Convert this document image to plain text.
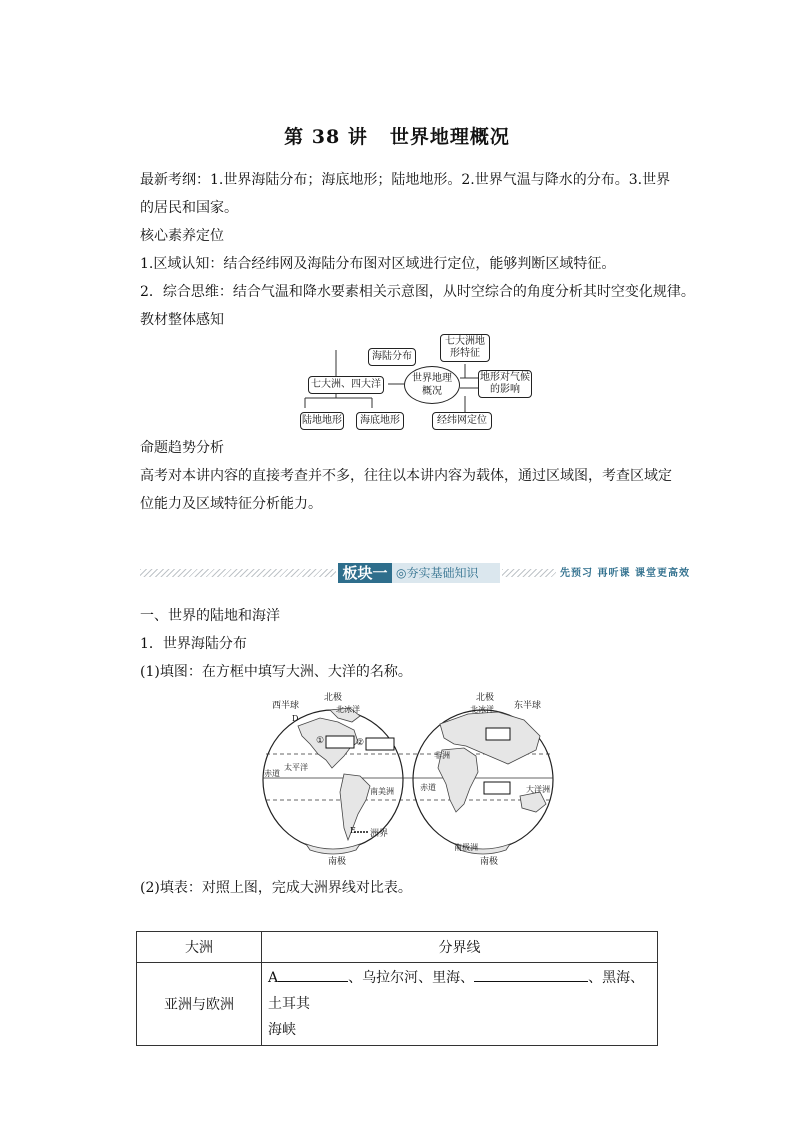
第 38 讲 世界地理概况
最新考纲：1.世界海陆分布；海底地形；陆地地形。2.世界气温与降水的分布。3.世界
的居民和国家。
核心素养定位
1.区域认知：结合经纬网及海陆分布图对区域进行定位，能够判断区域特征。
2．综合思维：结合气温和降水要素相关示意图，从时空综合的角度分析其时空变化规律。
教材整体感知
海陆分布
七大洲、四大洋
陆地地形	海底地形
世界地理概况
七大洲地形特征
地形对气候的影响
经纬网定位
命题趋势分析
高考对本讲内容的直接考查并不多，往往以本讲内容为载体，通过区域图，考查区域定
位能力及区域特征分析能力。
板块一 ◎夯实基础知识	先预习 再听课 课堂更高效
一、世界的陆地和海洋
1．世界海陆分布
(1)填图：在方框中填写大洲、大洋的名称。
西半球	东半球
北极	北极
北冰洋	北冰洋
太平洋
赤道
赤道
南美洲
非洲
大洋洲
南极洲
洲界
南极	南极
D
E
①	②
(2)填表：对照上图，完成大洲界线对比表。
大洲	分界线
亚洲与欧洲	A 、乌拉尔河、里海、 、黑海、土耳其
海峡
